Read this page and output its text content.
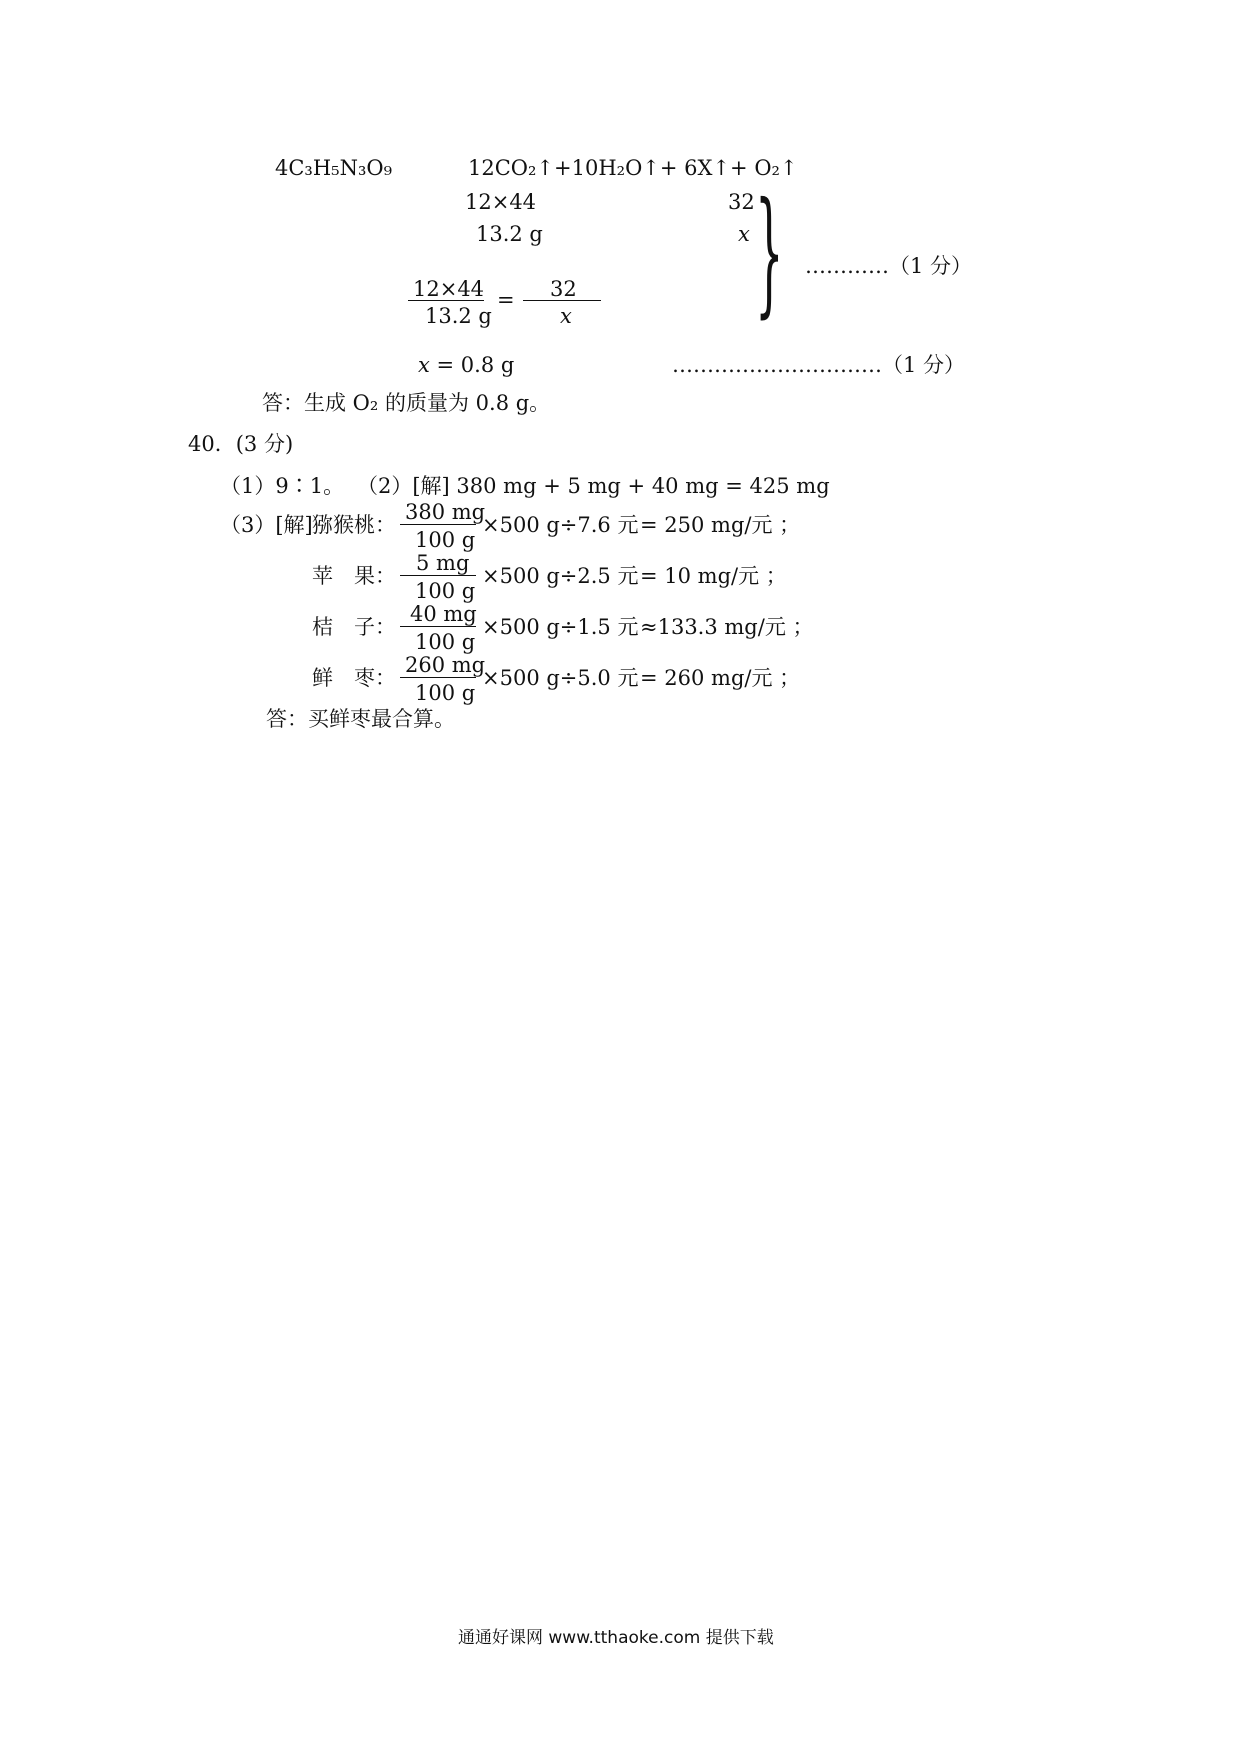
4C₃H₅N₃O₉	12CO₂↑+10H₂O↑+ 6X↑+ O₂↑
12×44	32
13.2 g	x
12×44
13.2 g
= 32
x	} …………（1 分）
x = 0.8 g	…………………………（1 分）
答：生成 O₂ 的质量为 0.8 g。
40．(3 分)
（1）9∶1。 （2）[解] 380 mg + 5 mg + 40 mg = 425 mg
（3）[解] 猕猴桃：
380 mg
100 g
×500 g÷7.6 元 = 250 mg/元 ；
苹　果：
5 mg
100 g
×500 g÷2.5 元 = 10 mg/元 ；
桔　子：
40 mg
100 g
×500 g÷1.5 元 ≈133.3 mg/元 ；
鲜　枣：
260 mg
100 g
×500 g÷5.0 元 = 260 mg/元 ；
答：买鲜枣最合算。
通通好课网 www.tthaoke.com 提供下载
